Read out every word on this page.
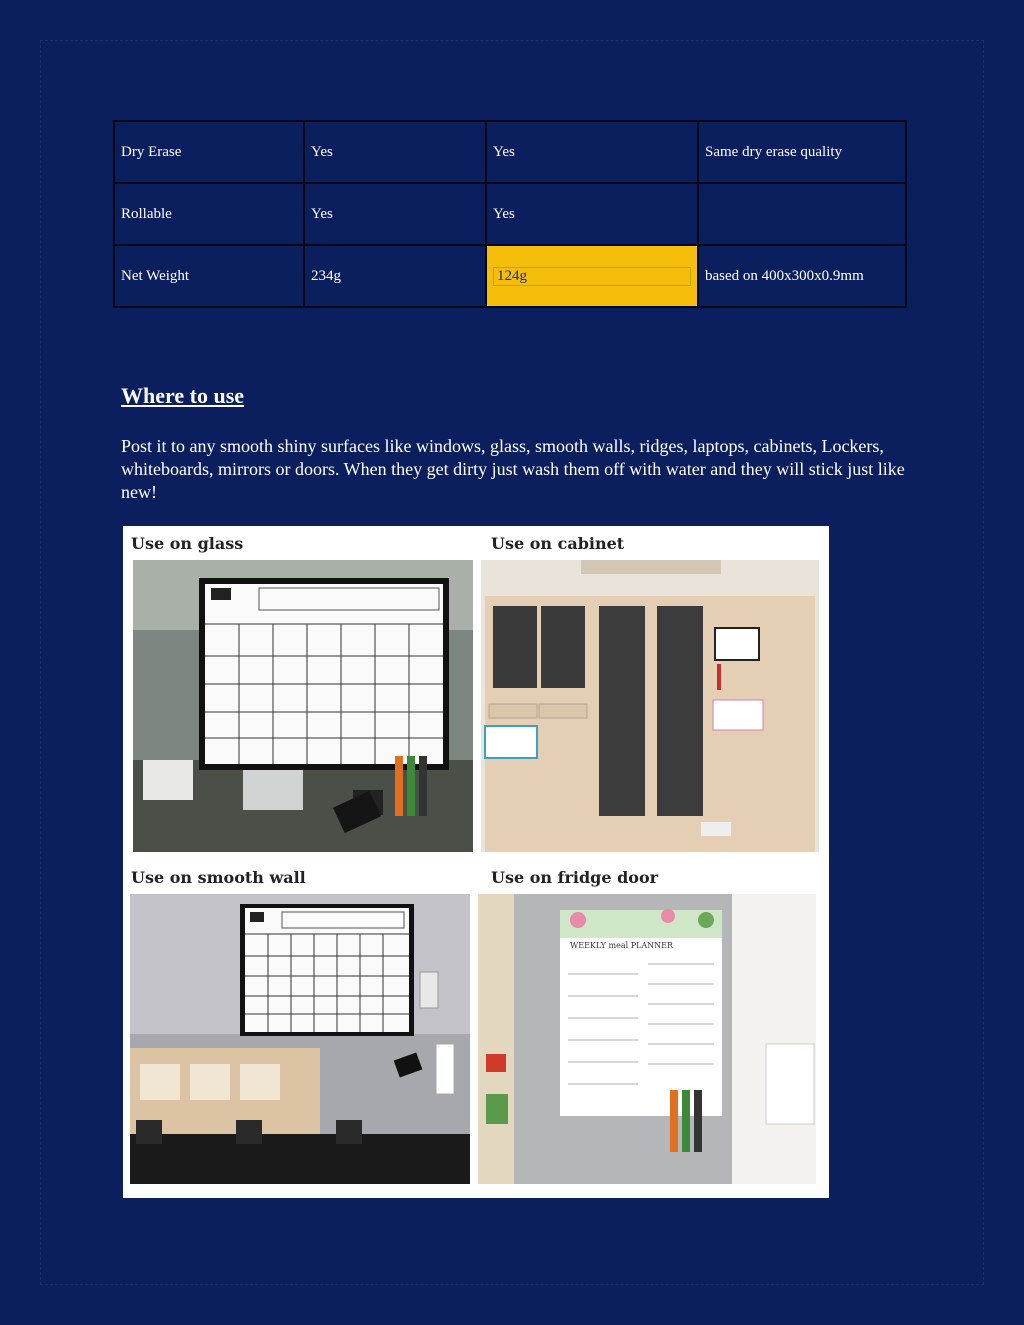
Dry Erase	Yes	Yes	Same dry erase quality
Rollable	Yes	Yes	
Net Weight	234g	124g	based on 400x300x0.9mm
Where to use
Post it to any smooth shiny surfaces like windows, glass, smooth walls, ridges, laptops, cabinets, Lockers, whiteboards, mirrors or doors. When they get dirty just wash them off with water and they will stick just like new!
Use on glass	Use on cabinet
Use on smooth wall	Use on fridge door
WEEKLY meal PLANNER
